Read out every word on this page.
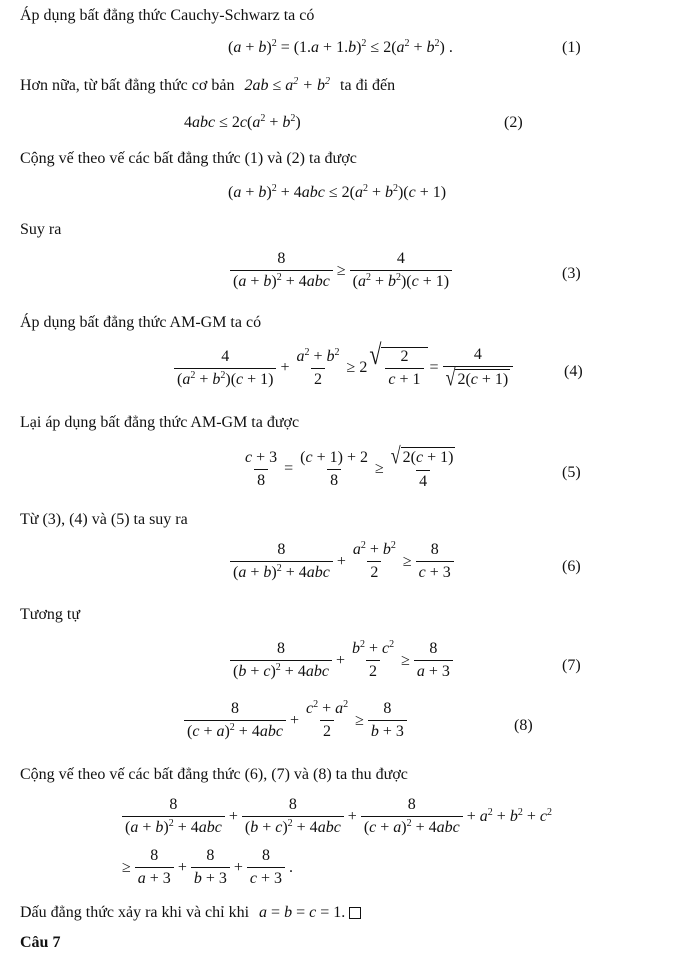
Áp dụng bất đẳng thức Cauchy-Schwarz ta có
$(a + b)^2 = (1.a + 1.b)^2 \le 2(a^2 + b^2)$ .	(1)
Hơn nữa, từ bất đẳng thức cơ bản $2ab \le a^2 + b^2$ ta đi đến
$4abc \le 2c(a^2 + b^2)$	(2)
Cộng vế theo vế các bất đẳng thức (1) và (2) ta được
$(a + b)^2 + 4abc \le 2(a^2 + b^2)(c + 1)$
Suy ra
$\frac{8}{(a + b)^2 + 4abc} \ge \frac{4}{(a^2 + b^2)(c + 1)}$	(3)
Áp dụng bất đẳng thức AM-GM ta có
$\frac{4}{(a^2 + b^2)(c + 1)} + \frac{a^2 + b^2}{2} \ge 2$ √ $\frac{2}{c + 1} = \frac{4}{√ 2(c + 1)}$	(4)
Lại áp dụng bất đẳng thức AM-GM ta được
$\frac{c + 3}{8} = \frac{(c + 1) + 2}{8} \ge \frac{√ 2(c + 1)}{4}$	(5)
Từ (3), (4) và (5) ta suy ra
$\frac{8}{(a + b)^2 + 4abc} + \frac{a^2 + b^2}{2} \ge \frac{8}{c + 3}$	(6)
Tương tự
$\frac{8}{(b + c)^2 + 4abc} + \frac{b^2 + c^2}{2} \ge \frac{8}{a + 3}$	(7)
$\frac{8}{(c + a)^2 + 4abc} + \frac{c^2 + a^2}{2} \ge \frac{8}{b + 3}$	(8)
Cộng vế theo vế các bất đẳng thức (6), (7) và (8) ta thu được
$\frac{8}{(a + b)^2 + 4abc} + \frac{8}{(b + c)^2 + 4abc} + \frac{8}{(c + a)^2 + 4abc} + a^2 + b^2 + c^2$
≥ $\frac{8}{a + 3} + \frac{8}{b + 3} + \frac{8}{c + 3}$ .
Dấu đẳng thức xảy ra khi và chỉ khi a = b = c = 1.
Câu 7
